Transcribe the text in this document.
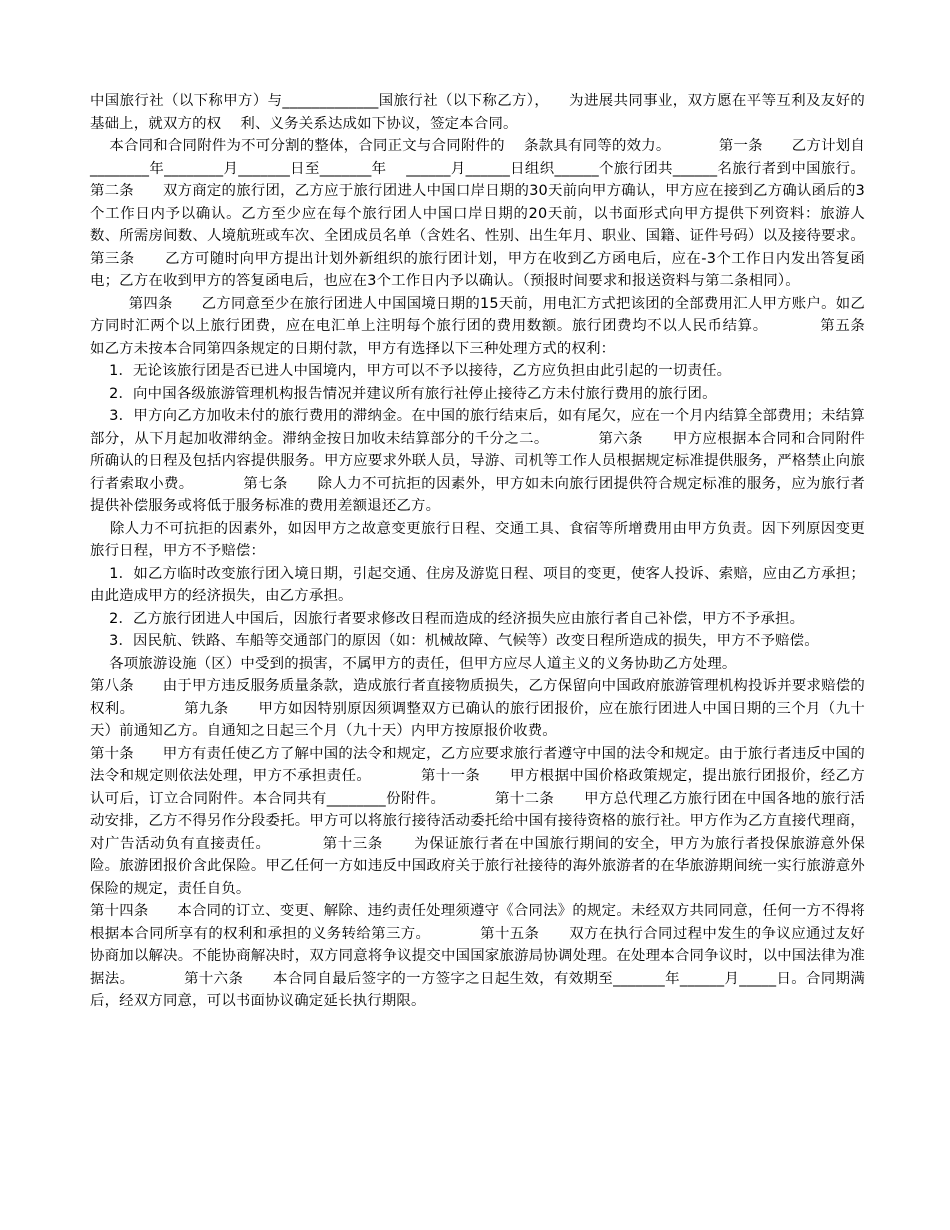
中国旅行社（以下称甲方）与_____________国旅行社（以下称乙方），    为进展共同事业，双方愿在平等互利及友好的基础上，就双方的权    利、义务关系达成如下协议，签定本合同。

本合同和合同附件为不可分割的整体，合同正文与合同附件的    条款具有同等的效力。          第一条      乙方计划自________年________月_______日至_______年    ______月______日组织______个旅行团共______名旅行者到中国旅行。          第二条      双方商定的旅行团，乙方应于旅行团进人中国口岸日期的30天前向甲方确认，甲方应在接到乙方确认函后的3个工作日内予以确认。乙方至少应在每个旅行团人中国口岸日期的20天前，以书面形式向甲方提供下列资料：旅游人数、所需房间数、人境航班或车次、全团成员名单（含姓名、性别、出生年月、职业、国籍、证件号码）以及接待要求。          第三条      乙方可随时向甲方提出计划外新组织的旅行团计划，甲方在收到乙方函电后，应在-3个工作日内发出答复函电；乙方在收到甲方的答复函电后，也应在3个工作日内予以确认。（预报时间要求和报送资料与第二条相同）。

第四条      乙方同意至少在旅行团进人中国国境日期的15天前，用电汇方式把该团的全部费用汇人甲方账户。如乙方同时汇两个以上旅行团费，应在电汇单上注明每个旅行团的费用数额。旅行团费均不以人民币结算。          第五条      如乙方未按本合同第四条规定的日期付款，甲方有选择以下三种处理方式的权利：

1．无论该旅行团是否已进人中国境内，甲方可以不予以接待，乙方应负担由此引起的一切责任。

2．向中国各级旅游管理机构报告情况并建议所有旅行社停止接待乙方未付旅行费用的旅行团。

3．甲方向乙方加收未付的旅行费用的滞纳金。在中国的旅行结束后，如有尾欠，应在一个月内结算全部费用；未结算部分，从下月起加收滞纳金。滞纳金按日加收未结算部分的千分之二。          第六条      甲方应根据本合同和合同附件所确认的日程及包括内容提供服务。甲方应要求外联人员，导游、司机等工作人员根据规定标准提供服务，严格禁止向旅行者索取小费。          第七条      除人力不可抗拒的因素外，甲方如未向旅行团提供符合规定标准的服务，应为旅行者提供补偿服务或将低于服务标准的费用差额退还乙方。

除人力不可抗拒的因素外，如因甲方之故意变更旅行日程、交通工具、食宿等所增费用由甲方负责。因下列原因变更旅行日程，甲方不予赔偿：

1．如乙方临时改变旅行团入境日期，引起交通、住房及游览日程、项目的变更，使客人投诉、索赔，应由乙方承担；由此造成甲方的经济损失，由乙方承担。

2．乙方旅行团进人中国后，因旅行者要求修改日程而造成的经济损失应由旅行者自己补偿，甲方不予承担。

3．因民航、铁路、车船等交通部门的原因（如：机械故障、气候等）改变日程所造成的损失，甲方不予赔偿。

各项旅游设施（区）中受到的损害，不属甲方的责任，但甲方应尽人道主义的义务协助乙方处理。

第八条      由于甲方违反服务质量条款，造成旅行者直接物质损失，乙方保留向中国政府旅游管理机构投诉并要求赔偿的权利。          第九条      甲方如因特别原因须调整双方已确认的旅行团报价，应在旅行团进人中国日期的三个月（九十天）前通知乙方。自通知之日起三个月（九十天）内甲方按原报价收费。

第十条      甲方有责任使乙方了解中国的法令和规定，乙方应要求旅行者遵守中国的法令和规定。由于旅行者违反中国的法令和规定则依法处理，甲方不承担责任。          第十一条      甲方根据中国价格政策规定，提出旅行团报价，经乙方认可后，订立合同附件。本合同共有________份附件。          第十二条      甲方总代理乙方旅行团在中国各地的旅行活动安排，乙方不得另作分段委托。甲方可以将旅行接待活动委托给中国有接待资格的旅行社。甲方作为乙方直接代理商，对广告活动负有直接责任。          第十三条      为保证旅行者在中国旅行期间的安全，甲方为旅行者投保旅游意外保险。旅游团报价含此保险。甲乙任何一方如违反中国政府关于旅行社接待的海外旅游者的在华旅游期间统一实行旅游意外保险的规定，责任自负。

第十四条      本合同的订立、变更、解除、违约责任处理须遵守《合同法》的规定。未经双方共同同意，任何一方不得将根据本合同所享有的权利和承担的义务转给第三方。          第十五条      双方在执行合同过程中发生的争议应通过友好协商加以解决。不能协商解决时，双方同意将争议提交中国国家旅游局协调处理。在处理本合同争议时，以中国法律为准据法。          第十六条      本合同自最后签字的一方签字之日起生效，有效期至_______年______月_____日。合同期满后，经双方同意，可以书面协议确定延长执行期限。
